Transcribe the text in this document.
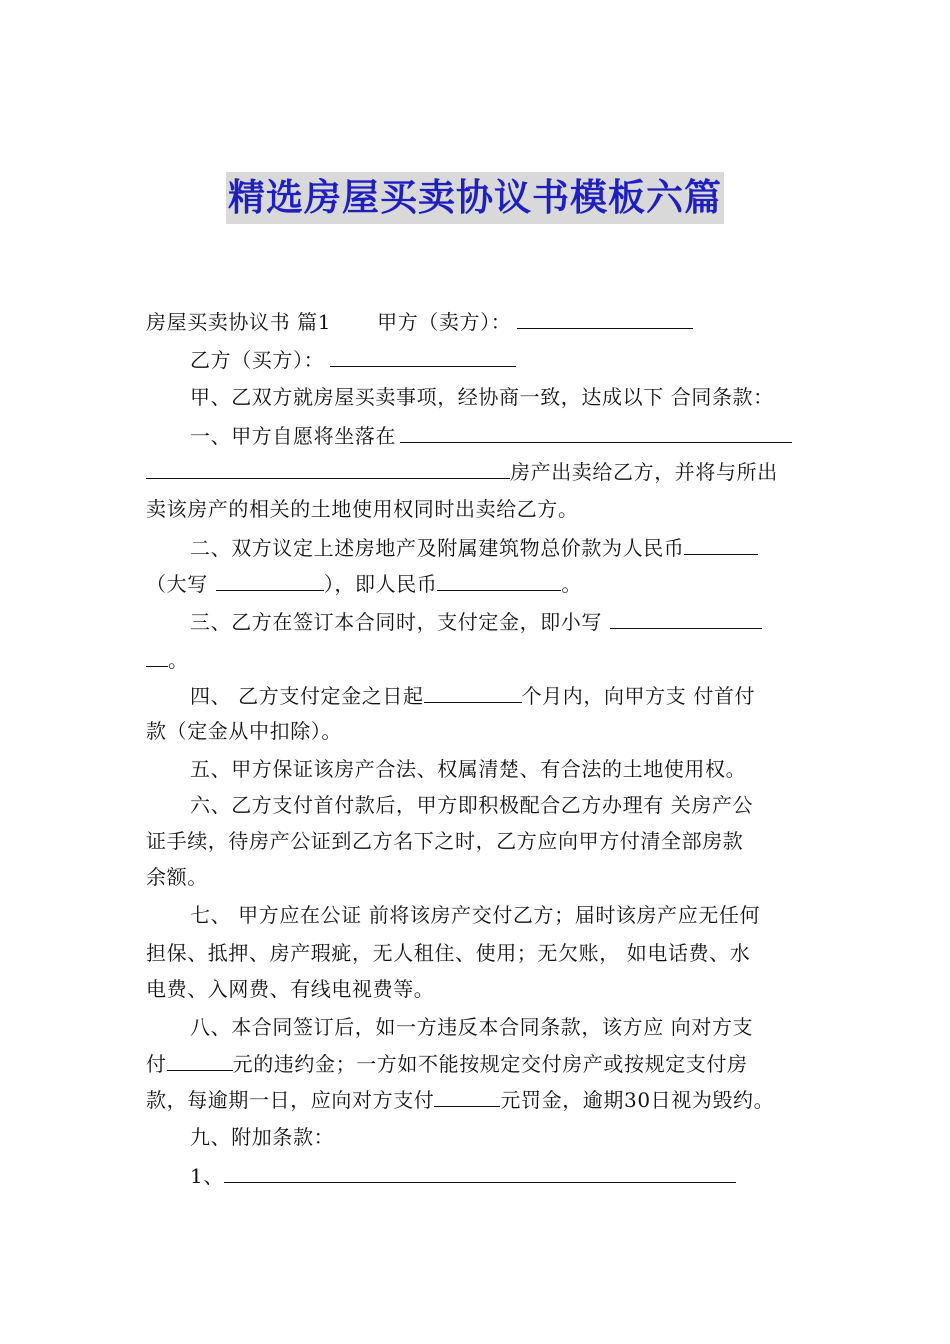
精选房屋买卖协议书模板六篇
房屋买卖协议书 篇1 甲方（卖方）：
乙方（买方）：
甲、乙双方就房屋买卖事项，经协商一致，达成以下 合同条款：
一、甲方自愿将坐落在
房产出卖给乙方，并将与所出
卖该房产的相关的土地使用权同时出卖给乙方。
二、双方议定上述房地产及附属建筑物总价款为人民币
（大写	），即人民币	。
三、乙方在签订本合同时，支付定金，即小写
。
四、 乙方支付定金之日起	个月内，向甲方支 付首付
款（定金从中扣除）。
五、甲方保证该房产合法、权属清楚、有合法的土地使用权。
六、乙方支付首付款后，甲方即积极配合乙方办理有 关房产公
证手续，待房产公证到乙方名下之时，乙方应向甲方付清全部房款
余额。
七、 甲方应在公证 前将该房产交付乙方；届时该房产应无任何
担保、抵押、房产瑕疵，无人租住、使用；无欠账， 如电话费、水
电费、入网费、有线电视费等。
八、本合同签订后，如一方违反本合同条款，该方应 向对方支
付	元的违约金；一方如不能按规定交付房产或按规定支付房
款，每逾期一日，应向对方支付	元罚金，逾期30日视为毁约。
九、附加条款：
1、
